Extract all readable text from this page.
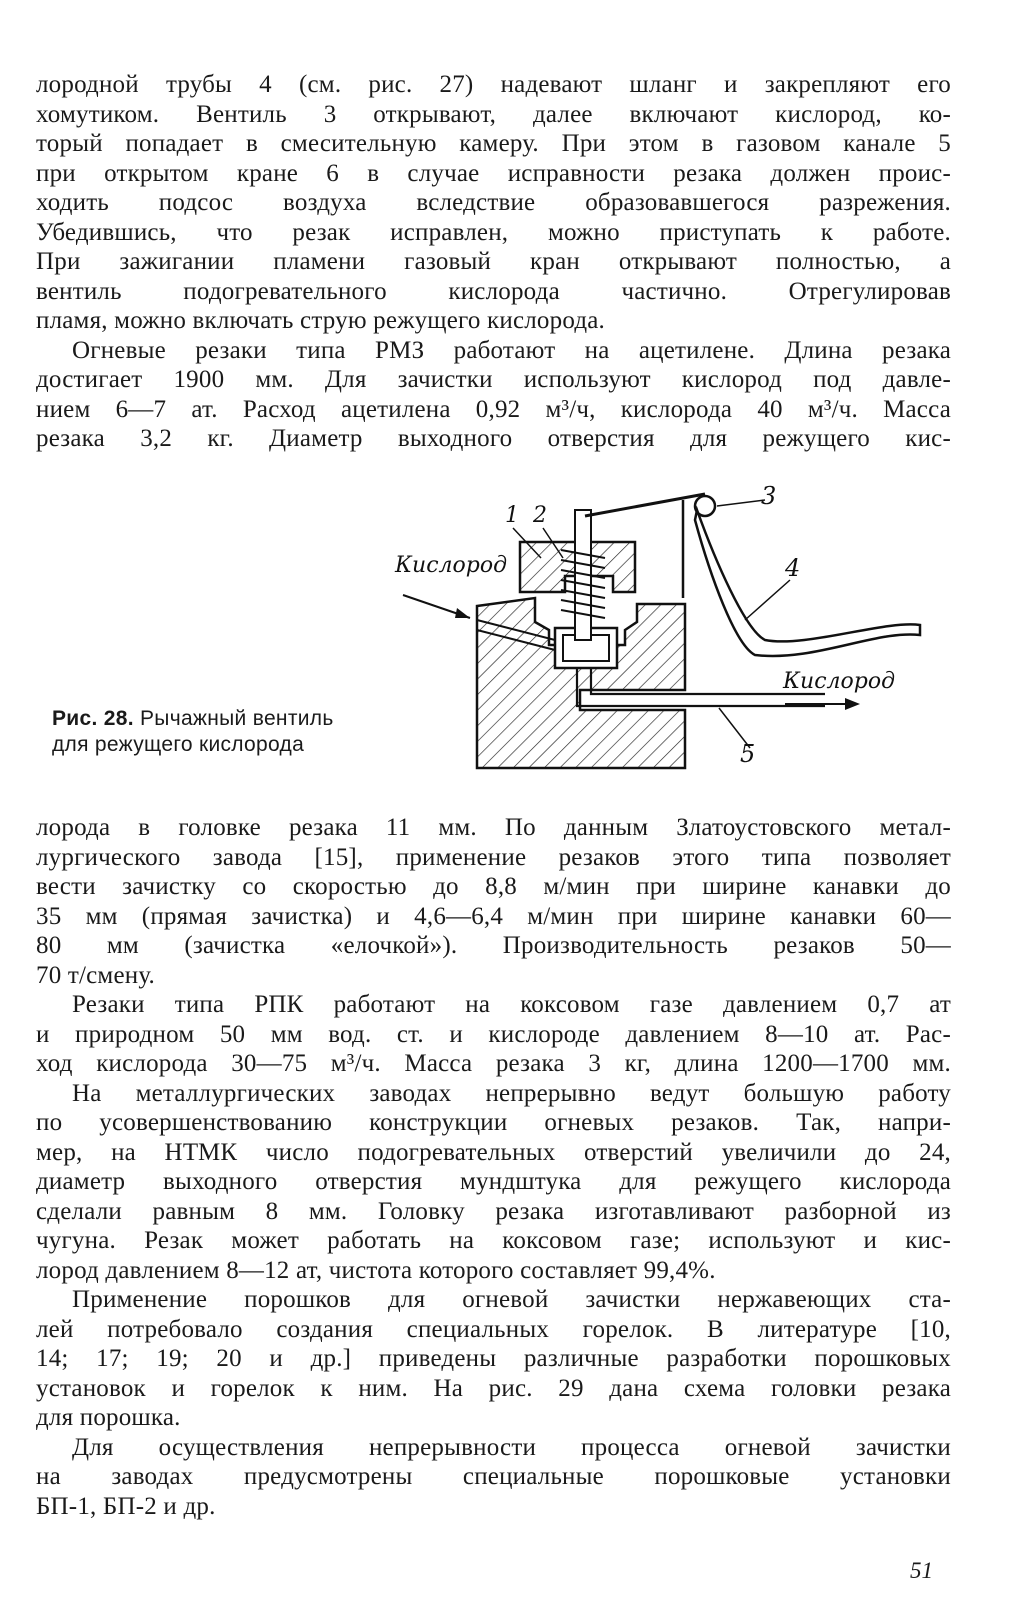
лородной трубы 4 (см. рис. 27) надевают шланг и закрепляют его
хомутиком. Вентиль 3 открывают, далее включают кислород, ко-
торый попадает в смесительную камеру. При этом в газовом канале 5
при открытом кране 6 в случае исправности резака должен проис-
ходить подсос воздуха вследствие образовавшегося разрежения.
Убедившись, что резак исправлен, можно приступать к работе.
При зажигании пламени газовый кран открывают полностью, а
вентиль подогревательного кислорода частично. Отрегулировав
пламя, можно включать струю режущего кислорода.
Огневые резаки типа РМЗ работают на ацетилене. Длина резака
достигает 1900 мм. Для зачистки используют кислород под давле-
нием 6—7 ат. Расход ацетилена 0,92 м³/ч, кислорода 40 м³/ч. Масса
резака 3,2 кг. Диаметр выходного отверстия для режущего кис-
Рис. 28. Рычажный вентиль
для режущего кислорода
Кислород
Кислород
1 2
3
4
5
лорода в головке резака 11 мм. По данным Златоустовского метал-
лургического завода [15], применение резаков этого типа позволяет
вести зачистку со скоростью до 8,8 м/мин при ширине канавки до
35 мм (прямая зачистка) и 4,6—6,4 м/мин при ширине канавки 60—
80 мм (зачистка «елочкой»). Производительность резаков 50—
70 т/смену.
Резаки типа РПК работают на коксовом газе давлением 0,7 ат
и природном 50 мм вод. ст. и кислороде давлением 8—10 ат. Рас-
ход кислорода 30—75 м³/ч. Масса резака 3 кг, длина 1200—1700 мм.
На металлургических заводах непрерывно ведут большую работу
по усовершенствованию конструкции огневых резаков. Так, напри-
мер, на НТМК число подогревательных отверстий увеличили до 24,
диаметр выходного отверстия мундштука для режущего кислорода
сделали равным 8 мм. Головку резака изготавливают разборной из
чугуна. Резак может работать на коксовом газе; используют и кис-
лород давлением 8—12 ат, чистота которого составляет 99,4%.
Применение порошков для огневой зачистки нержавеющих ста-
лей потребовало создания специальных горелок. В литературе [10,
14; 17; 19; 20 и др.] приведены различные разработки порошковых
установок и горелок к ним. На рис. 29 дана схема головки резака
для порошка.
Для осуществления непрерывности процесса огневой зачистки
на заводах предусмотрены специальные порошковые установки
БП-1, БП-2 и др.
51
